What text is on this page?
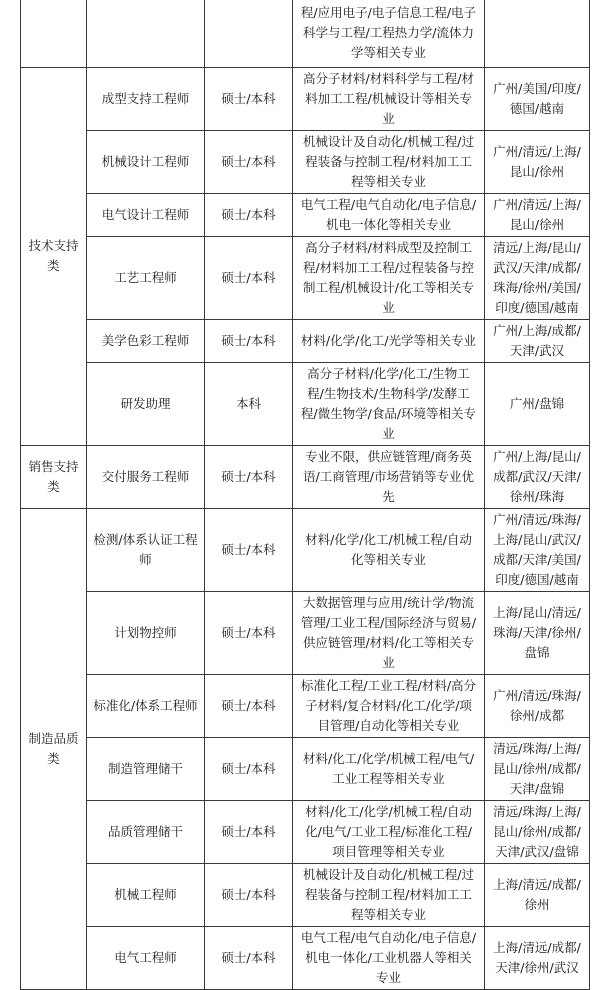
			程/应用电子/电子信息工程/电子科学与工程/工程热力学/流体力学等相关专业	

技术支持类	成型支持工程师	硕士/本科	高分子材料/材料科学与工程/材料加工工程/机械设计等相关专业	广州/美国/印度/德国/越南

	机械设计工程师	硕士/本科	机械设计及自动化/机械工程/过程装备与控制工程/材料加工工程等相关专业	广州/清远/上海/昆山/徐州

	电气设计工程师	硕士/本科	电气工程/电气自动化/电子信息/机电一体化等相关专业	广州/清远/上海/昆山/徐州

	工艺工程师	硕士/本科	高分子材料/材料成型及控制工程/材料加工工程/过程装备与控制工程/机械设计/化工等相关专业	清远/上海/昆山/武汉/天津/成都/珠海/徐州/美国/印度/德国/越南

	美学色彩工程师	硕士/本科	材料/化学/化工/光学等相关专业	广州/上海/成都/天津/武汉

	研发助理	本科	高分子材料/化学/化工/生物工程/生物技术/生物科学/发酵工程/微生物学/食品/环境等相关专业	广州/盘锦

销售支持类	交付服务工程师	硕士/本科	专业不限，供应链管理/商务英语/工商管理/市场营销等专业优先	广州/上海/昆山/成都/武汉/天津/徐州/珠海

制造品质类	检测/体系认证工程师	硕士/本科	材料/化学/化工/机械工程/自动化等相关专业	广州/清远/珠海/上海/昆山/武汉/成都/天津/美国/印度/德国/越南

	计划物控师	硕士/本科	大数据管理与应用/统计学/物流管理/工业工程/国际经济与贸易/供应链管理/材料/化工等相关专业	上海/昆山/清远/珠海/天津/徐州/盘锦

	标准化/体系工程师	硕士/本科	标准化工程/工业工程/材料/高分子材料/复合材料/化工/化学/项目管理/自动化等相关专业	广州/清远/珠海/徐州/成都

	制造管理储干	硕士/本科	材料/化工/化学/机械工程/电气/工业工程等相关专业	清远/珠海/上海/昆山/徐州/成都/天津/盘锦

	品质管理储干	硕士/本科	材料/化工/化学/机械工程/自动化/电气/工业工程/标准化工程/项目管理等相关专业	清远/珠海/上海/昆山/徐州/成都/天津/武汉/盘锦

	机械工程师	硕士/本科	机械设计及自动化/机械工程/过程装备与控制工程/材料加工工程等相关专业	上海/清远/成都/徐州

	电气工程师	硕士/本科	电气工程/电气自动化/电子信息/机电一体化/工业机器人等相关专业	上海/清远/成都/天津/徐州/武汉
